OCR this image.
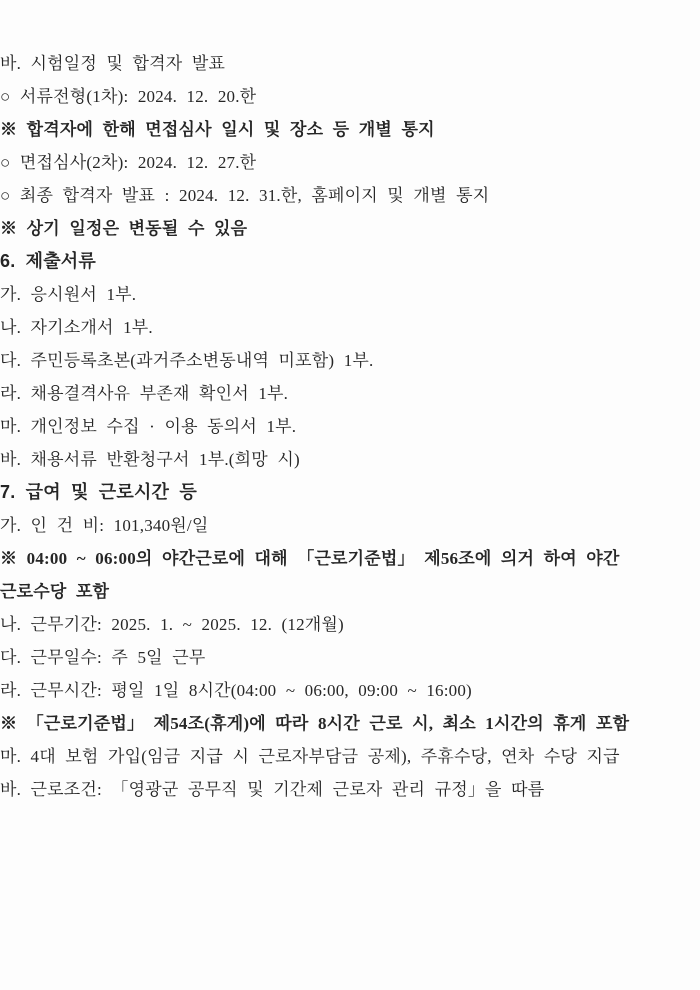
바. 시험일정 및 합격자 발표

○ 서류전형(1차): 2024. 12. 20.한

※ 합격자에 한해 면접심사 일시 및 장소 등 개별 통지

○ 면접심사(2차): 2024. 12. 27.한

○ 최종 합격자 발표 : 2024. 12. 31.한, 홈페이지 및 개별 통지

※ 상기 일정은 변동될 수 있음

6. 제출서류

가. 응시원서 1부.

나. 자기소개서 1부.

다. 주민등록초본(과거주소변동내역 미포함) 1부.

라. 채용결격사유 부존재 확인서 1부.

마. 개인정보 수집 · 이용 동의서 1부.

바. 채용서류 반환청구서 1부.(희망 시)

7. 급여 및 근로시간 등

가. 인 건 비: 101,340원/일

※ 04:00 ~ 06:00의 야간근로에 대해 「근로기준법」 제56조에 의거 하여 야간

근로수당 포함

나. 근무기간: 2025. 1. ~ 2025. 12. (12개월)

다. 근무일수: 주 5일 근무

라. 근무시간: 평일 1일 8시간(04:00 ~ 06:00, 09:00 ~ 16:00)

※ 「근로기준법」 제54조(휴게)에 따라 8시간 근로 시, 최소 1시간의 휴게 포함

마. 4대 보험 가입(임금 지급 시 근로자부담금 공제), 주휴수당, 연차 수당 지급

바. 근로조건: 「영광군 공무직 및 기간제 근로자 관리 규정」을 따름
